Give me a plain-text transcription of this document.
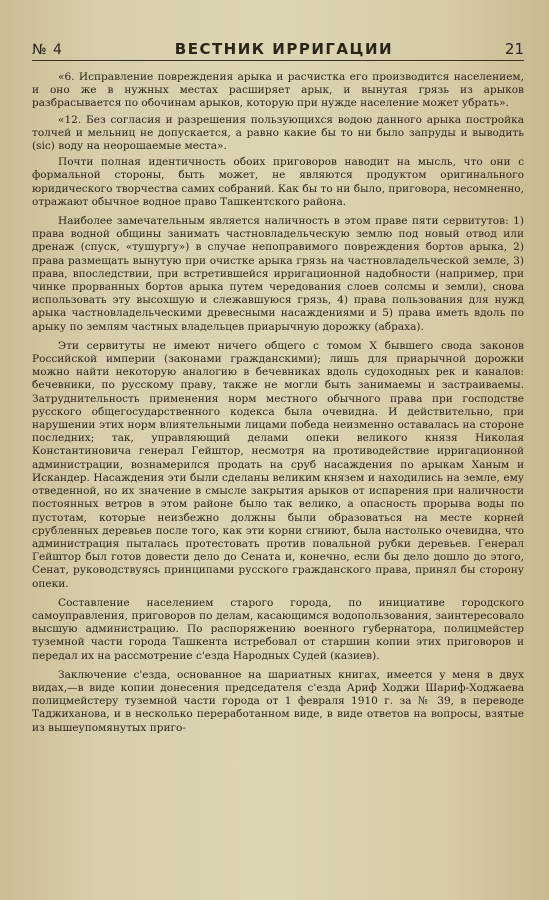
№ 4	ВЕСТНИК ИРРИГАЦИИ	21

«6. Исправление повреждения арыка и расчистка его производится населением, и оно же в нужных местах расширяет арык, и вынутая грязь из арыков разбрасывается по обочинам арыков, которую при нужде население может убрать».

«12. Без согласия и разрешения пользующихся водою данного арыка постройка толчей и мельниц не допускается, а равно какие бы то ни было запруды и выводить (sic) воду на неорошаемые места».

Почти полная идентичность обоих приговоров наводит на мысль, что они с формальной стороны, быть может, не являются продуктом оригинального юридического творчества самих собраний. Как бы то ни было, приговора, несомненно, отражают обычное водное право Ташкентского района.

Наиболее замечательным является наличность в этом праве пяти сервитутов: 1) права водной общины занимать частновладельческую землю под новый отвод или дренаж (спуск, «тушургу») в случае непоправимого повреждения бортов арыка, 2) права размещать вынутую при очистке арыка грязь на частновладельческой земле, 3) права, впоследствии, при встретившейся ирригационной надобности (например, при чинке прорванных бортов арыка путем чередования слоев солсмы и земли), снова использовать эту высохшую и слежавшуюся грязь, 4) права пользования для нужд арыка частновладельческими древесными насаждениями и 5) права иметь вдоль по арыку по землям частных владельцев приарычную дорожку (абраха).

Эти сервитуты не имеют ничего общего с томом X бывшего свода законов Российской империи (законами гражданскими); лишь для приарычной дорожки можно найти некоторую аналогию в бечевниках вдоль судоходных рек и каналов: бечевники, по русскому праву, также не могли быть занимаемы и застраиваемы. Затруднительность применения норм местного обычного права при господстве русского общегосударственного кодекса была очевидна. И действительно, при нарушении этих норм влиятельными лицами победа неизменно оставалась на стороне последних; так, управляющий делами опеки великого князя Николая Константиновича генерал Гейштор, несмотря на противодействие ирригационной администрации, вознамерился продать на сруб насаждения по арыкам Ханым и Искандер. Насаждения эти были сделаны великим князем и находились на земле, ему отведенной, но их значение в смысле закрытия арыков от испарения при наличности постоянных ветров в этом районе было так велико, а опасность прорыва воды по пустотам, которые неизбежно должны были образоваться на месте корней срубленных деревьев после того, как эти корни сгниют, была настолько очевидна, что администрация пыталась протестовать против повальной рубки деревьев. Генерал Гейштор был готов довести дело до Сената и, конечно, если бы дело дошло до этого, Сенат, руководствуясь принципами русского гражданского права, принял бы сторону опеки.

Составление населением старого города, по инициативе городского самоуправления, приговоров по делам, касающимся водопользования, заинтересовало высшую администрацию. По распоряжению военного губернатора, полицмейстер туземной части города Ташкента истребовал от старшин копии этих приговоров и передал их на рассмотрение с'езда Народных Судей (казиев).

Заключение с'езда, основанное на шариатных книгах, имеется у меня в двух видах,—в виде копии донесения председателя с'езда Ариф Ходжи Шариф-Ходжаева полицмейстеру туземной части города от 1 февраля 1910 г. за № 39, в переводе Таджиханова, и в несколько переработанном виде, в виде ответов на вопросы, взятые из вышеупомянутых приго-
